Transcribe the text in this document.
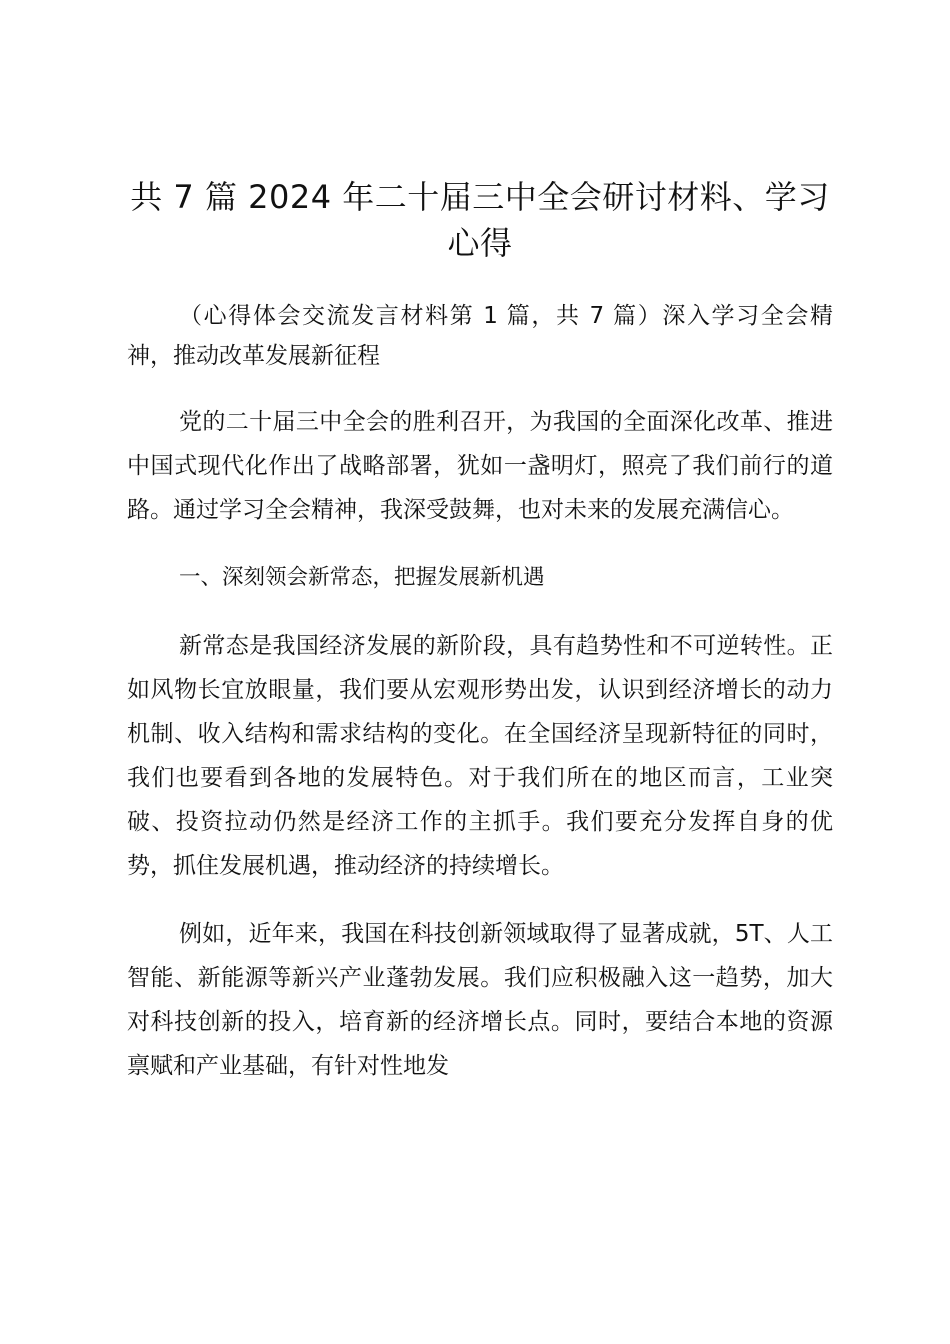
共 7 篇 2024 年二十届三中全会研讨材料、学习心得

（心得体会交流发言材料第 1 篇，共 7 篇）深入学习全会精神，推动改革发展新征程

党的二十届三中全会的胜利召开，为我国的全面深化改革、推进中国式现代化作出了战略部署，犹如一盏明灯，照亮了我们前行的道路。通过学习全会精神，我深受鼓舞，也对未来的发展充满信心。

一、深刻领会新常态，把握发展新机遇

新常态是我国经济发展的新阶段，具有趋势性和不可逆转性。正如风物长宜放眼量，我们要从宏观形势出发，认识到经济增长的动力机制、收入结构和需求结构的变化。在全国经济呈现新特征的同时，我们也要看到各地的发展特色。对于我们所在的地区而言，工业突破、投资拉动仍然是经济工作的主抓手。我们要充分发挥自身的优势，抓住发展机遇，推动经济的持续增长。

例如，近年来，我国在科技创新领域取得了显著成就，5T、人工智能、新能源等新兴产业蓬勃发展。我们应积极融入这一趋势，加大对科技创新的投入，培育新的经济增长点。同时，要结合本地的资源禀赋和产业基础，有针对性地发
